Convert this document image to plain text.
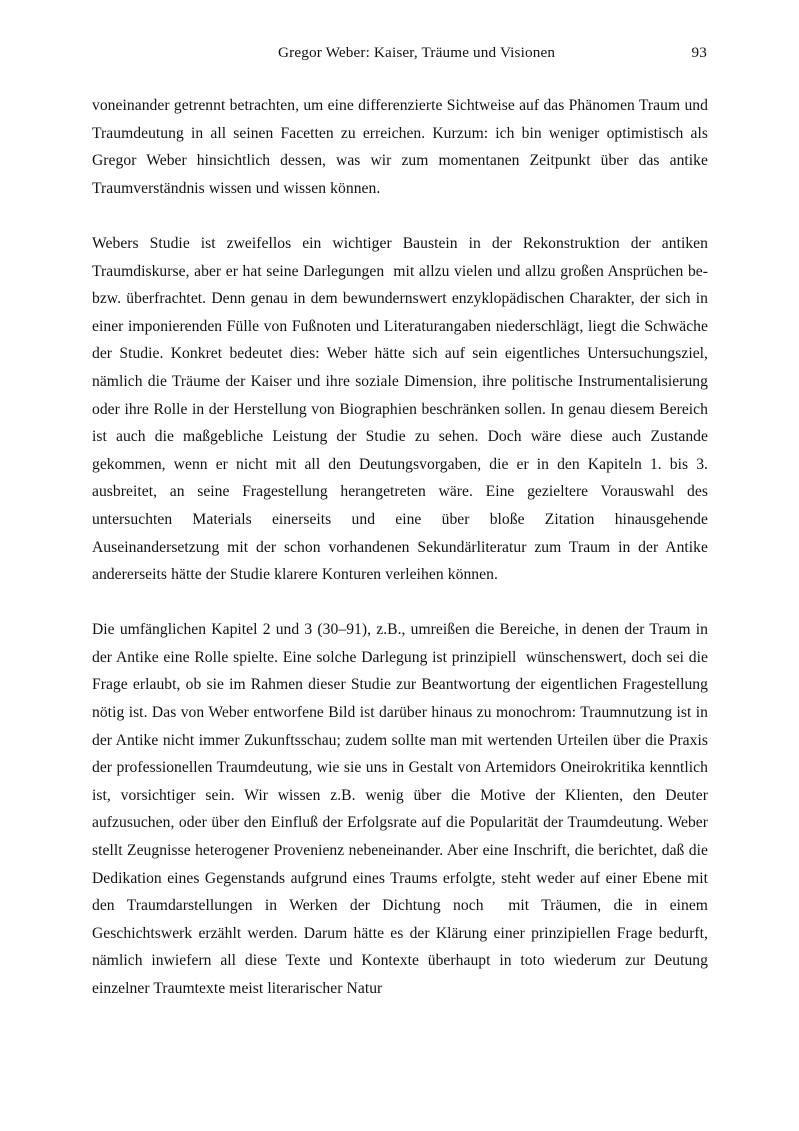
Gregor Weber: Kaiser, Träume und Visionen	93

voneinander getrennt betrachten, um eine differenzierte Sichtweise auf das Phänomen Traum und Traumdeutung in all seinen Facetten zu erreichen. Kurzum: ich bin weniger optimistisch als Gregor Weber hinsichtlich dessen, was wir zum momentanen Zeitpunkt über das antike Traumverständnis wissen und wissen können.

Webers Studie ist zweifellos ein wichtiger Baustein in der Rekonstruktion der antiken Traumdiskurse, aber er hat seine Darlegungen  mit allzu vielen und allzu großen Ansprüchen be- bzw. überfrachtet. Denn genau in dem bewundernswert enzyklopädischen Charakter, der sich in einer imponierenden Fülle von Fußnoten und Literaturangaben niederschlägt, liegt die Schwäche der Studie. Konkret bedeutet dies: Weber hätte sich auf sein eigentliches Untersuchungsziel, nämlich die Träume der Kaiser und ihre soziale Dimension, ihre politische Instrumentalisierung oder ihre Rolle in der Herstellung von Biographien beschränken sollen. In genau diesem Bereich ist auch die maßgebliche Leistung der Studie zu sehen. Doch wäre diese auch Zustande gekommen, wenn er nicht mit all den Deutungsvorgaben, die er in den Kapiteln 1. bis 3. ausbreitet, an seine Fragestellung herangetreten wäre. Eine gezieltere Vorauswahl des untersuchten Materials einerseits und eine über bloße Zitation hinausgehende Auseinandersetzung mit der schon vorhandenen Sekundärliteratur zum Traum in der Antike andererseits hätte der Studie klarere Konturen verleihen können.

Die umfänglichen Kapitel 2 und 3 (30–91), z.B., umreißen die Bereiche, in denen der Traum in der Antike eine Rolle spielte. Eine solche Darlegung ist prinzipiell  wünschenswert, doch sei die Frage erlaubt, ob sie im Rahmen dieser Studie zur Beantwortung der eigentlichen Fragestellung nötig ist. Das von Weber entworfene Bild ist darüber hinaus zu monochrom: Traumnutzung ist in der Antike nicht immer Zukunftsschau; zudem sollte man mit wertenden Urteilen über die Praxis der professionellen Traumdeutung, wie sie uns in Gestalt von Artemidors Oneirokritika kenntlich ist, vorsichtiger sein. Wir wissen z.B. wenig über die Motive der Klienten, den Deuter aufzusuchen, oder über den Einfluß der Erfolgsrate auf die Popularität der Traumdeutung. Weber stellt Zeugnisse heterogener Provenienz nebeneinander. Aber eine Inschrift, die berichtet, daß die Dedikation eines Gegenstands aufgrund eines Traums erfolgte, steht weder auf einer Ebene mit den Traumdarstellungen in Werken der Dichtung noch  mit Träumen, die in einem Geschichtswerk erzählt werden. Darum hätte es der Klärung einer prinzipiellen Frage bedurft, nämlich inwiefern all diese Texte und Kontexte überhaupt in toto wiederum zur Deutung einzelner Traumtexte meist literarischer Natur
